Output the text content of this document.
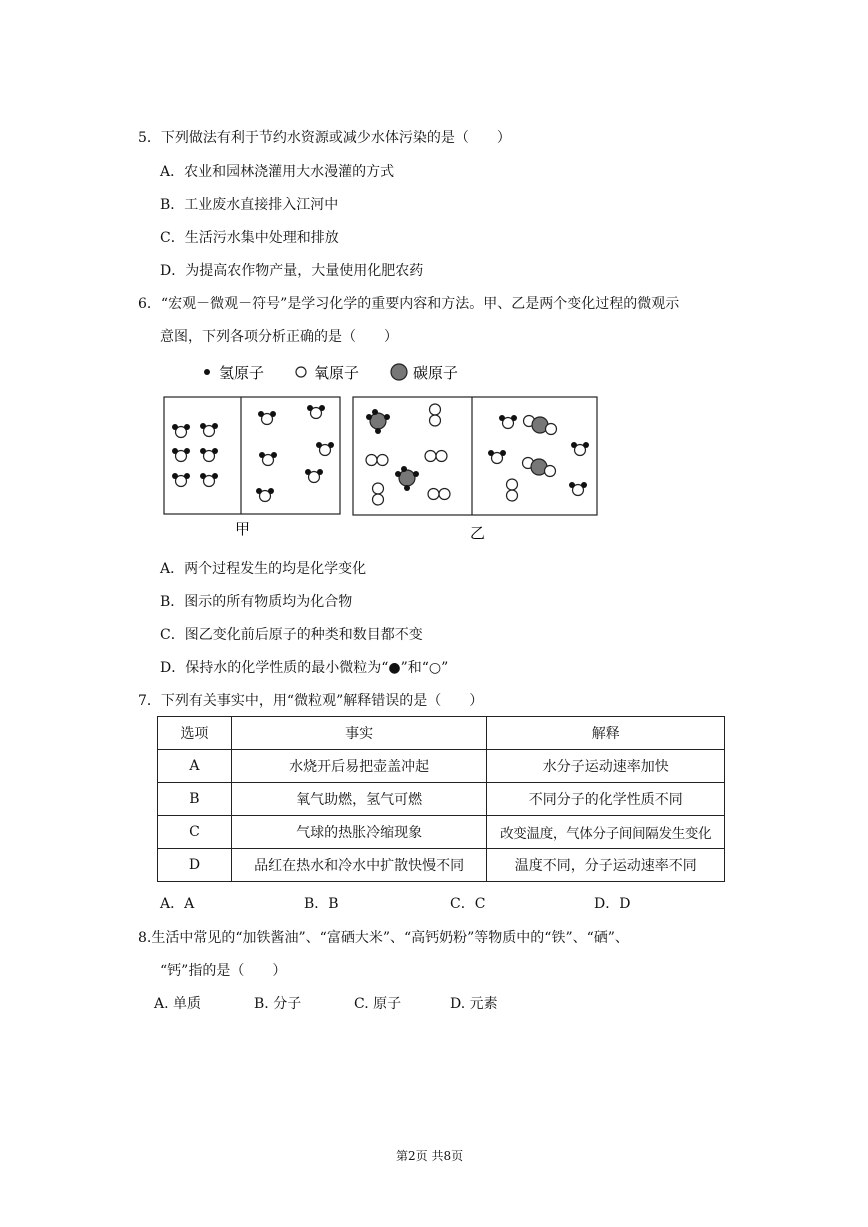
5．下列做法有利于节约水资源或减少水体污染的是（　　）
A．农业和园林浇灌用大水漫灌的方式
B．工业废水直接排入江河中
C．生活污水集中处理和排放
D．为提高农作物产量，大量使用化肥农药
6．“宏观－微观－符号”是学习化学的重要内容和方法。甲、乙是两个变化过程的微观示
意图，下列各项分析正确的是（　　）
氢原子	氧原子	碳原子
甲	乙
A．两个过程发生的均是化学变化
B．图示的所有物质均为化合物
C．图乙变化前后原子的种类和数目都不变
D．保持水的化学性质的最小微粒为“●”和“○”
7．下列有关事实中，用“微粒观”解释错误的是（　　）
选项	事实	解释
A	水烧开后易把壶盖冲起	水分子运动速率加快
B	氧气助燃，氢气可燃	不同分子的化学性质不同
C	气球的热胀冷缩现象	改变温度，气体分子间间隔发生变化
D	品红在热水和冷水中扩散快慢不同	温度不同，分子运动速率不同
A．A	B．B	C．C	D．D
8.生活中常见的“加铁酱油”、“富硒大米”、“高钙奶粉”等物质中的“铁”、“硒”、
“钙”指的是（　　）
A. 单质	B. 分子	C. 原子	D. 元素
第2页 共8页
